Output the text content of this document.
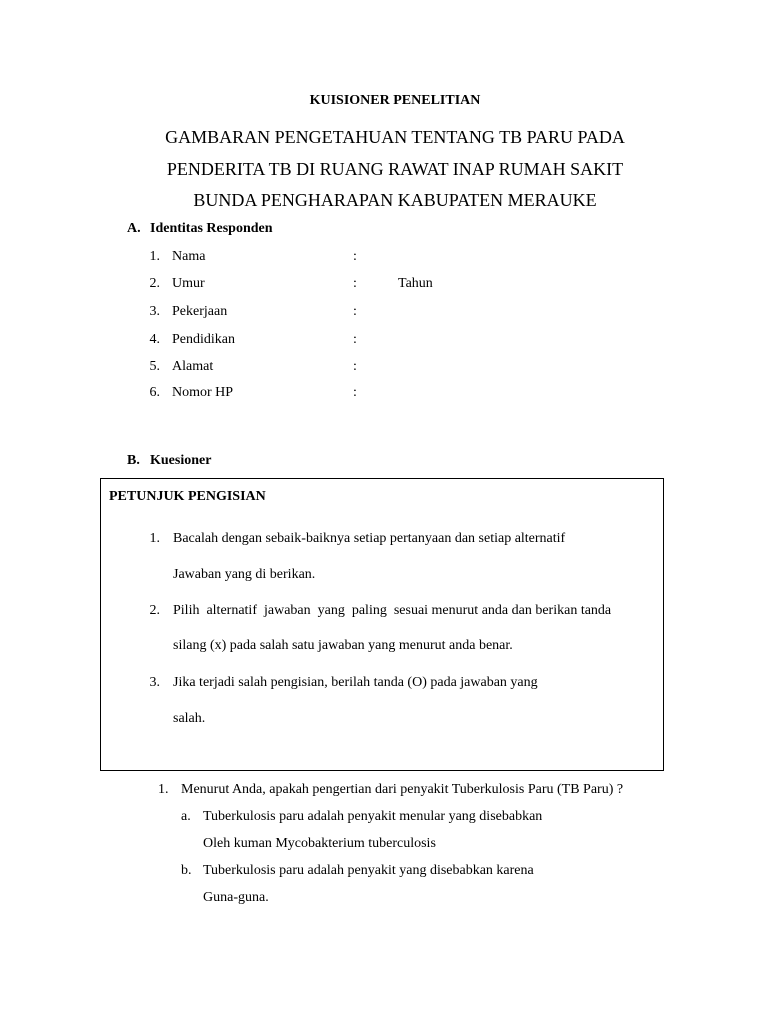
KUISIONER PENELITIAN
GAMBARAN PENGETAHUAN TENTANG TB PARU PADA
PENDERITA TB DI RUANG RAWAT INAP RUMAH SAKIT
BUNDA PENGHARAPAN KABUPATEN MERAUKE
A. Identitas Responden
1. Nama	:
2. Umur	:	Tahun
3. Pekerjaan	:
4. Pendidikan	:
5. Alamat	:
6. Nomor HP	:
B. Kuesioner
PETUNJUK PENGISIAN
1. Bacalah dengan sebaik-baiknya setiap pertanyaan dan setiap alternatif
Jawaban yang di berikan.
2. Pilih  alternatif  jawaban  yang  paling  sesuai menurut anda dan berikan tanda
silang (x) pada salah satu jawaban yang menurut anda benar.
3. Jika terjadi salah pengisian, berilah tanda (O) pada jawaban yang
salah.
1. Menurut Anda, apakah pengertian dari penyakit Tuberkulosis Paru (TB Paru) ?
a. Tuberkulosis paru adalah penyakit menular yang disebabkan
Oleh kuman Mycobakterium tuberculosis
b. Tuberkulosis paru adalah penyakit yang disebabkan karena
Guna-guna.
